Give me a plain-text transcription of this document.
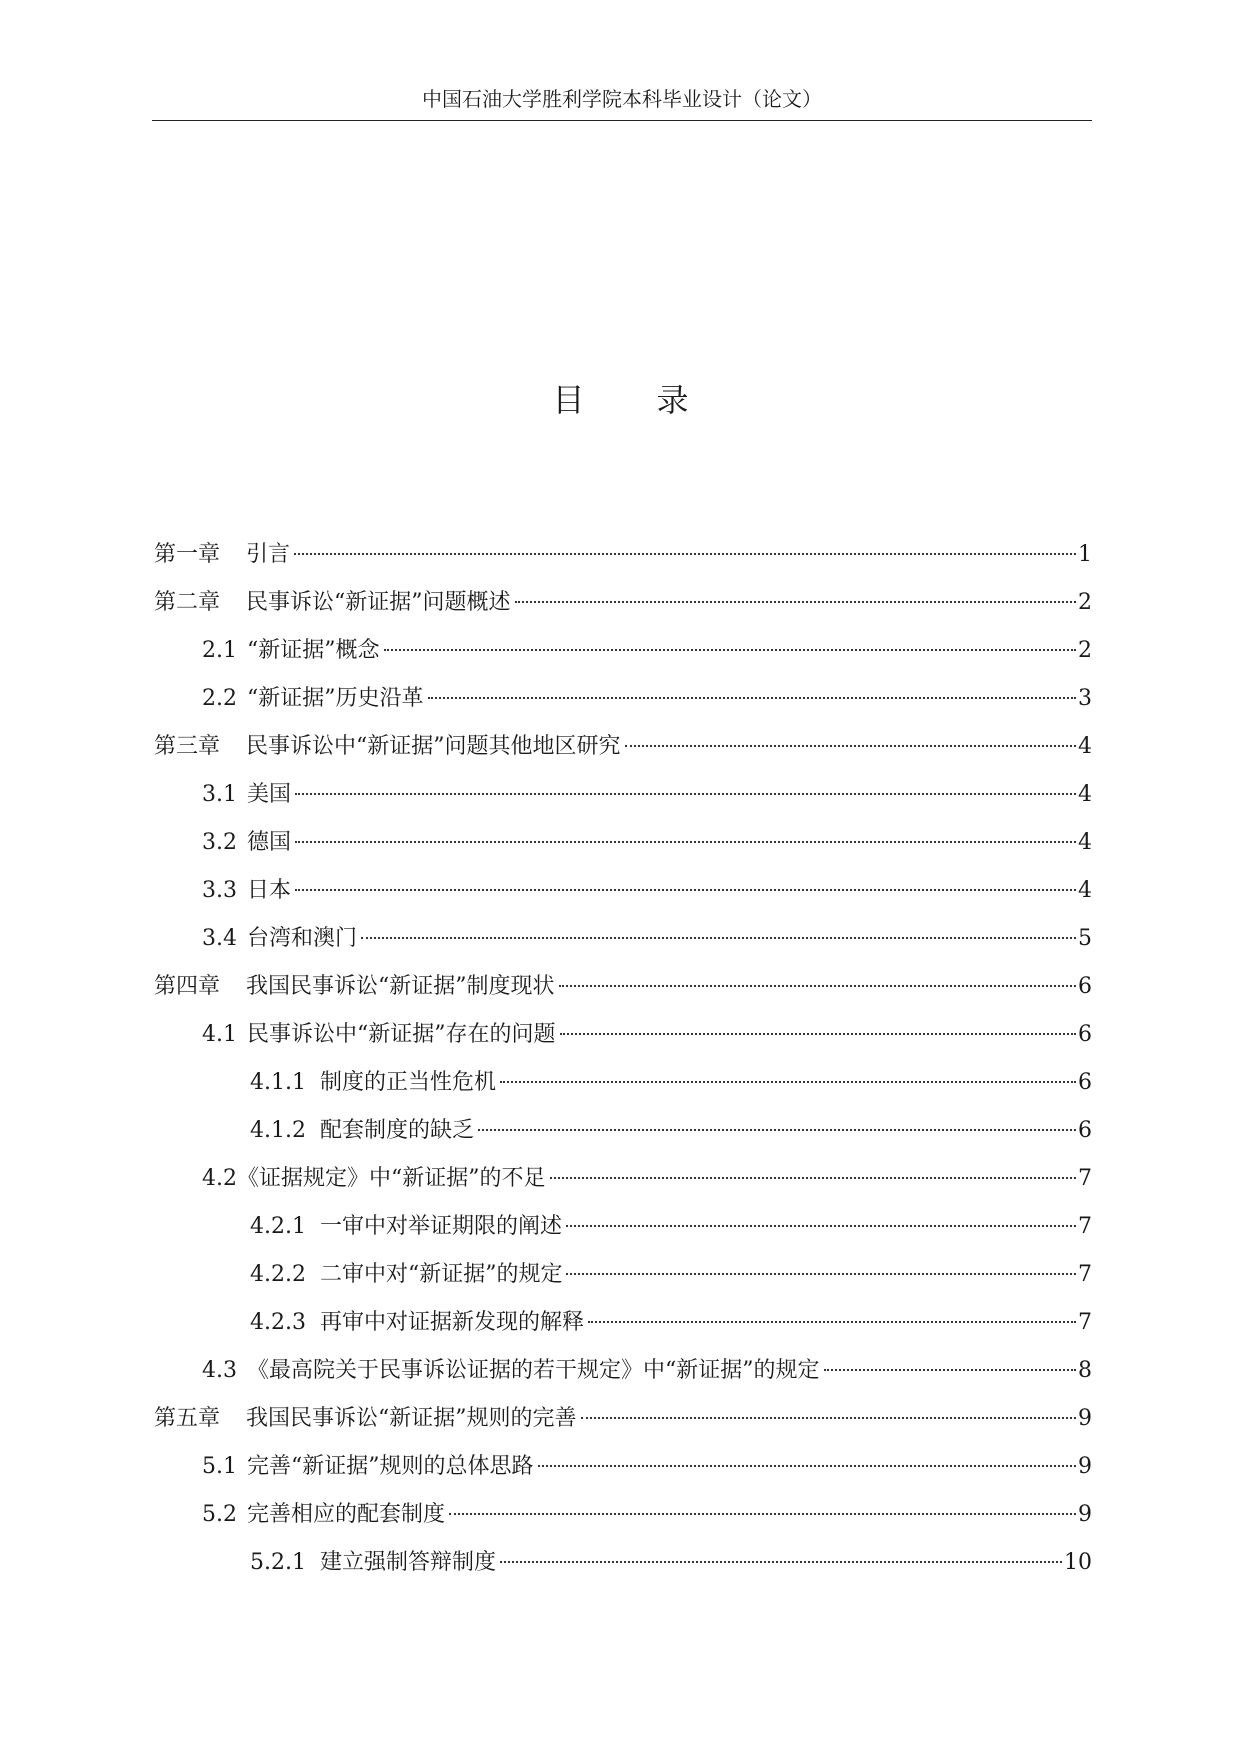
中国石油大学胜利学院本科毕业设计（论文）
目 录
第一章 引言	1
第二章 民事诉讼“新证据”问题概述	2
2.1 “新证据”概念	2
2.2 “新证据”历史沿革	3
第三章 民事诉讼中“新证据”问题其他地区研究	4
3.1 美国	4
3.2 德国	4
3.3 日本	4
3.4 台湾和澳门	5
第四章 我国民事诉讼“新证据”制度现状	6
4.1 民事诉讼中“新证据”存在的问题	6
4.1.1 制度的正当性危机	6
4.1.2 配套制度的缺乏	6
4.2 《证据规定》中“新证据”的不足	7
4.2.1 一审中对举证期限的阐述	7
4.2.2 二审中对“新证据”的规定	7
4.2.3 再审中对证据新发现的解释	7
4.3 《最高院关于民事诉讼证据的若干规定》中“新证据”的规定	8
第五章 我国民事诉讼“新证据”规则的完善	9
5.1 完善“新证据”规则的总体思路	9
5.2 完善相应的配套制度	9
5.2.1 建立强制答辩制度	10
